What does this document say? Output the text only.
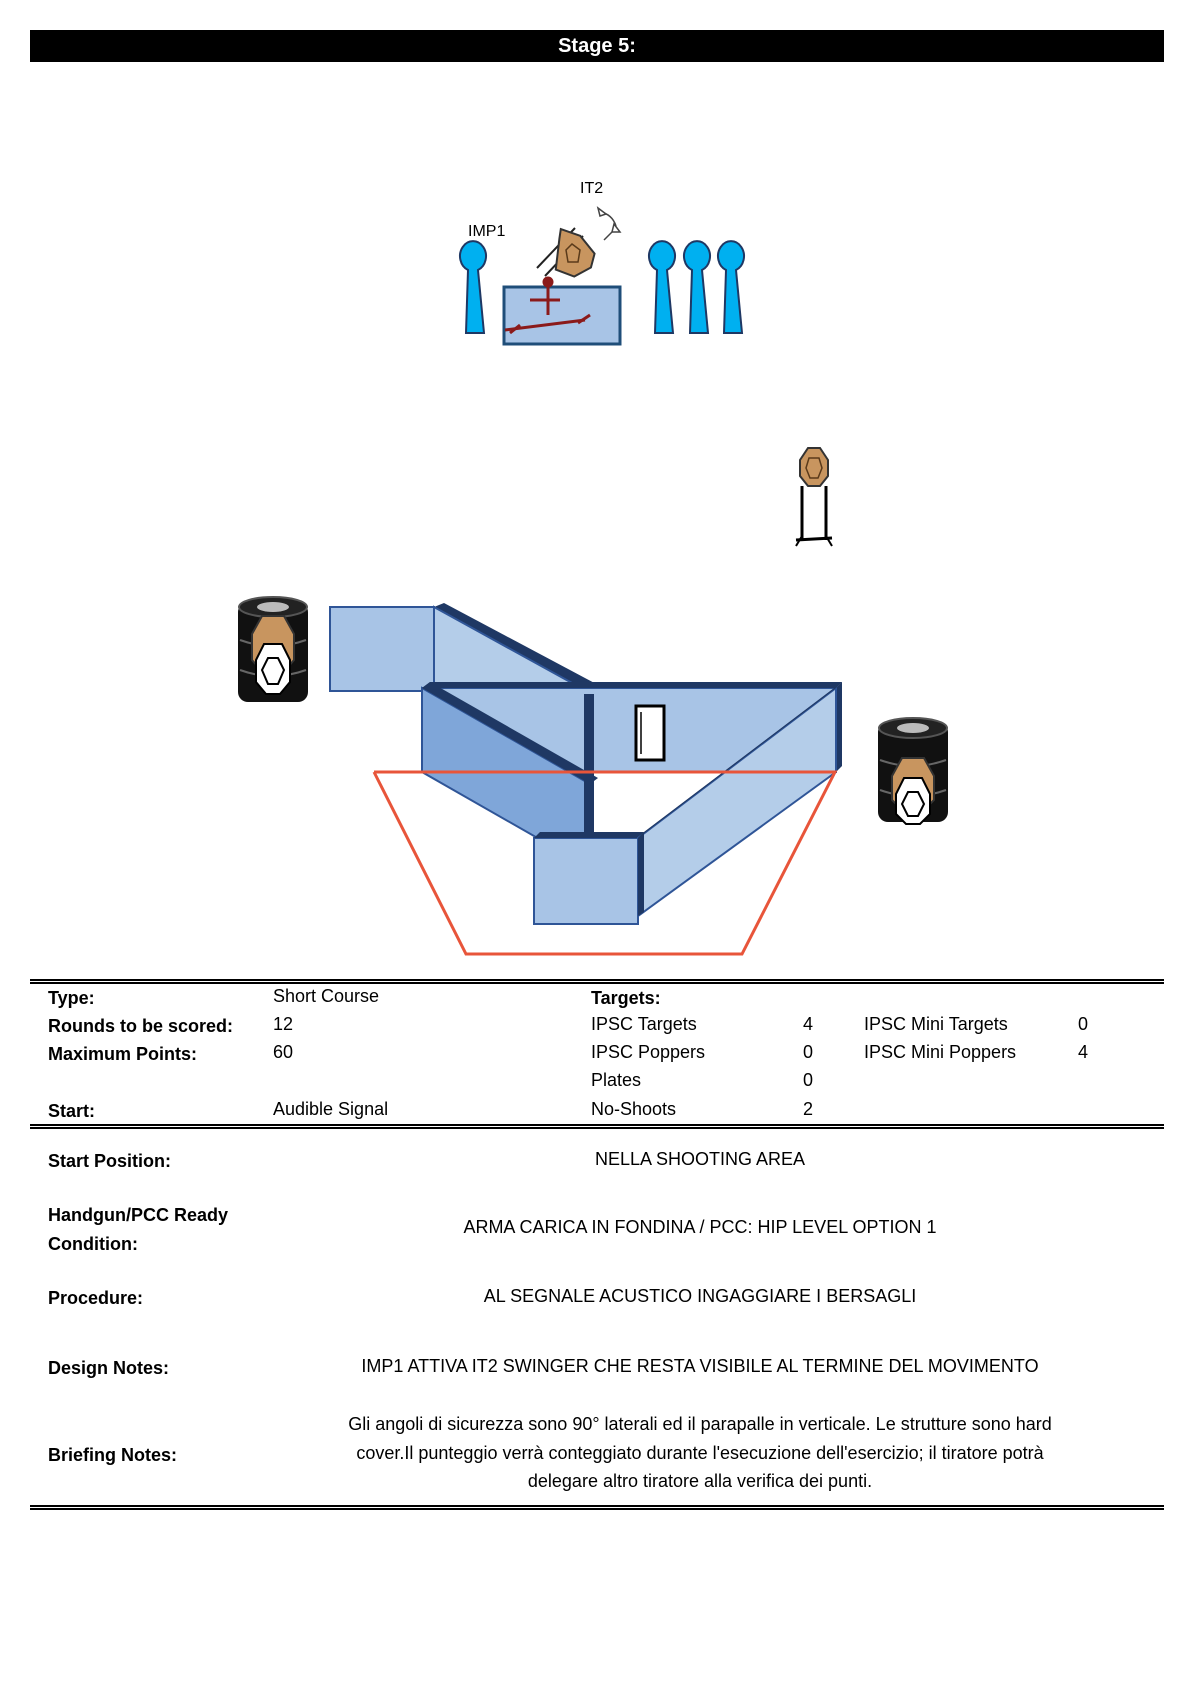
Stage 5:
IMP1
IT2
Type:	Short Course
Rounds to be scored: 12
Maximum Points:	60
Start:	Audible Signal
Targets:
IPSC Targets	4
IPSC Poppers	0
Plates	0
No-Shoots	2
IPSC Mini Targets	0
IPSC Mini Poppers	4
Start Position:	NELLA SHOOTING AREA
Handgun/PCC Ready
Condition:
ARMA CARICA IN FONDINA / PCC: HIP LEVEL OPTION 1
Procedure:	AL SEGNALE ACUSTICO INGAGGIARE I BERSAGLI
Design Notes:	IMP1 ATTIVA IT2 SWINGER CHE RESTA VISIBILE AL TERMINE DEL MOVIMENTO
Briefing Notes:
Gli angoli di sicurezza sono 90° laterali ed il parapalle in verticale. Le strutture sono hard
cover.Il punteggio verrà conteggiato durante l'esecuzione dell'esercizio; il tiratore potrà
delegare altro tiratore alla verifica dei punti.
